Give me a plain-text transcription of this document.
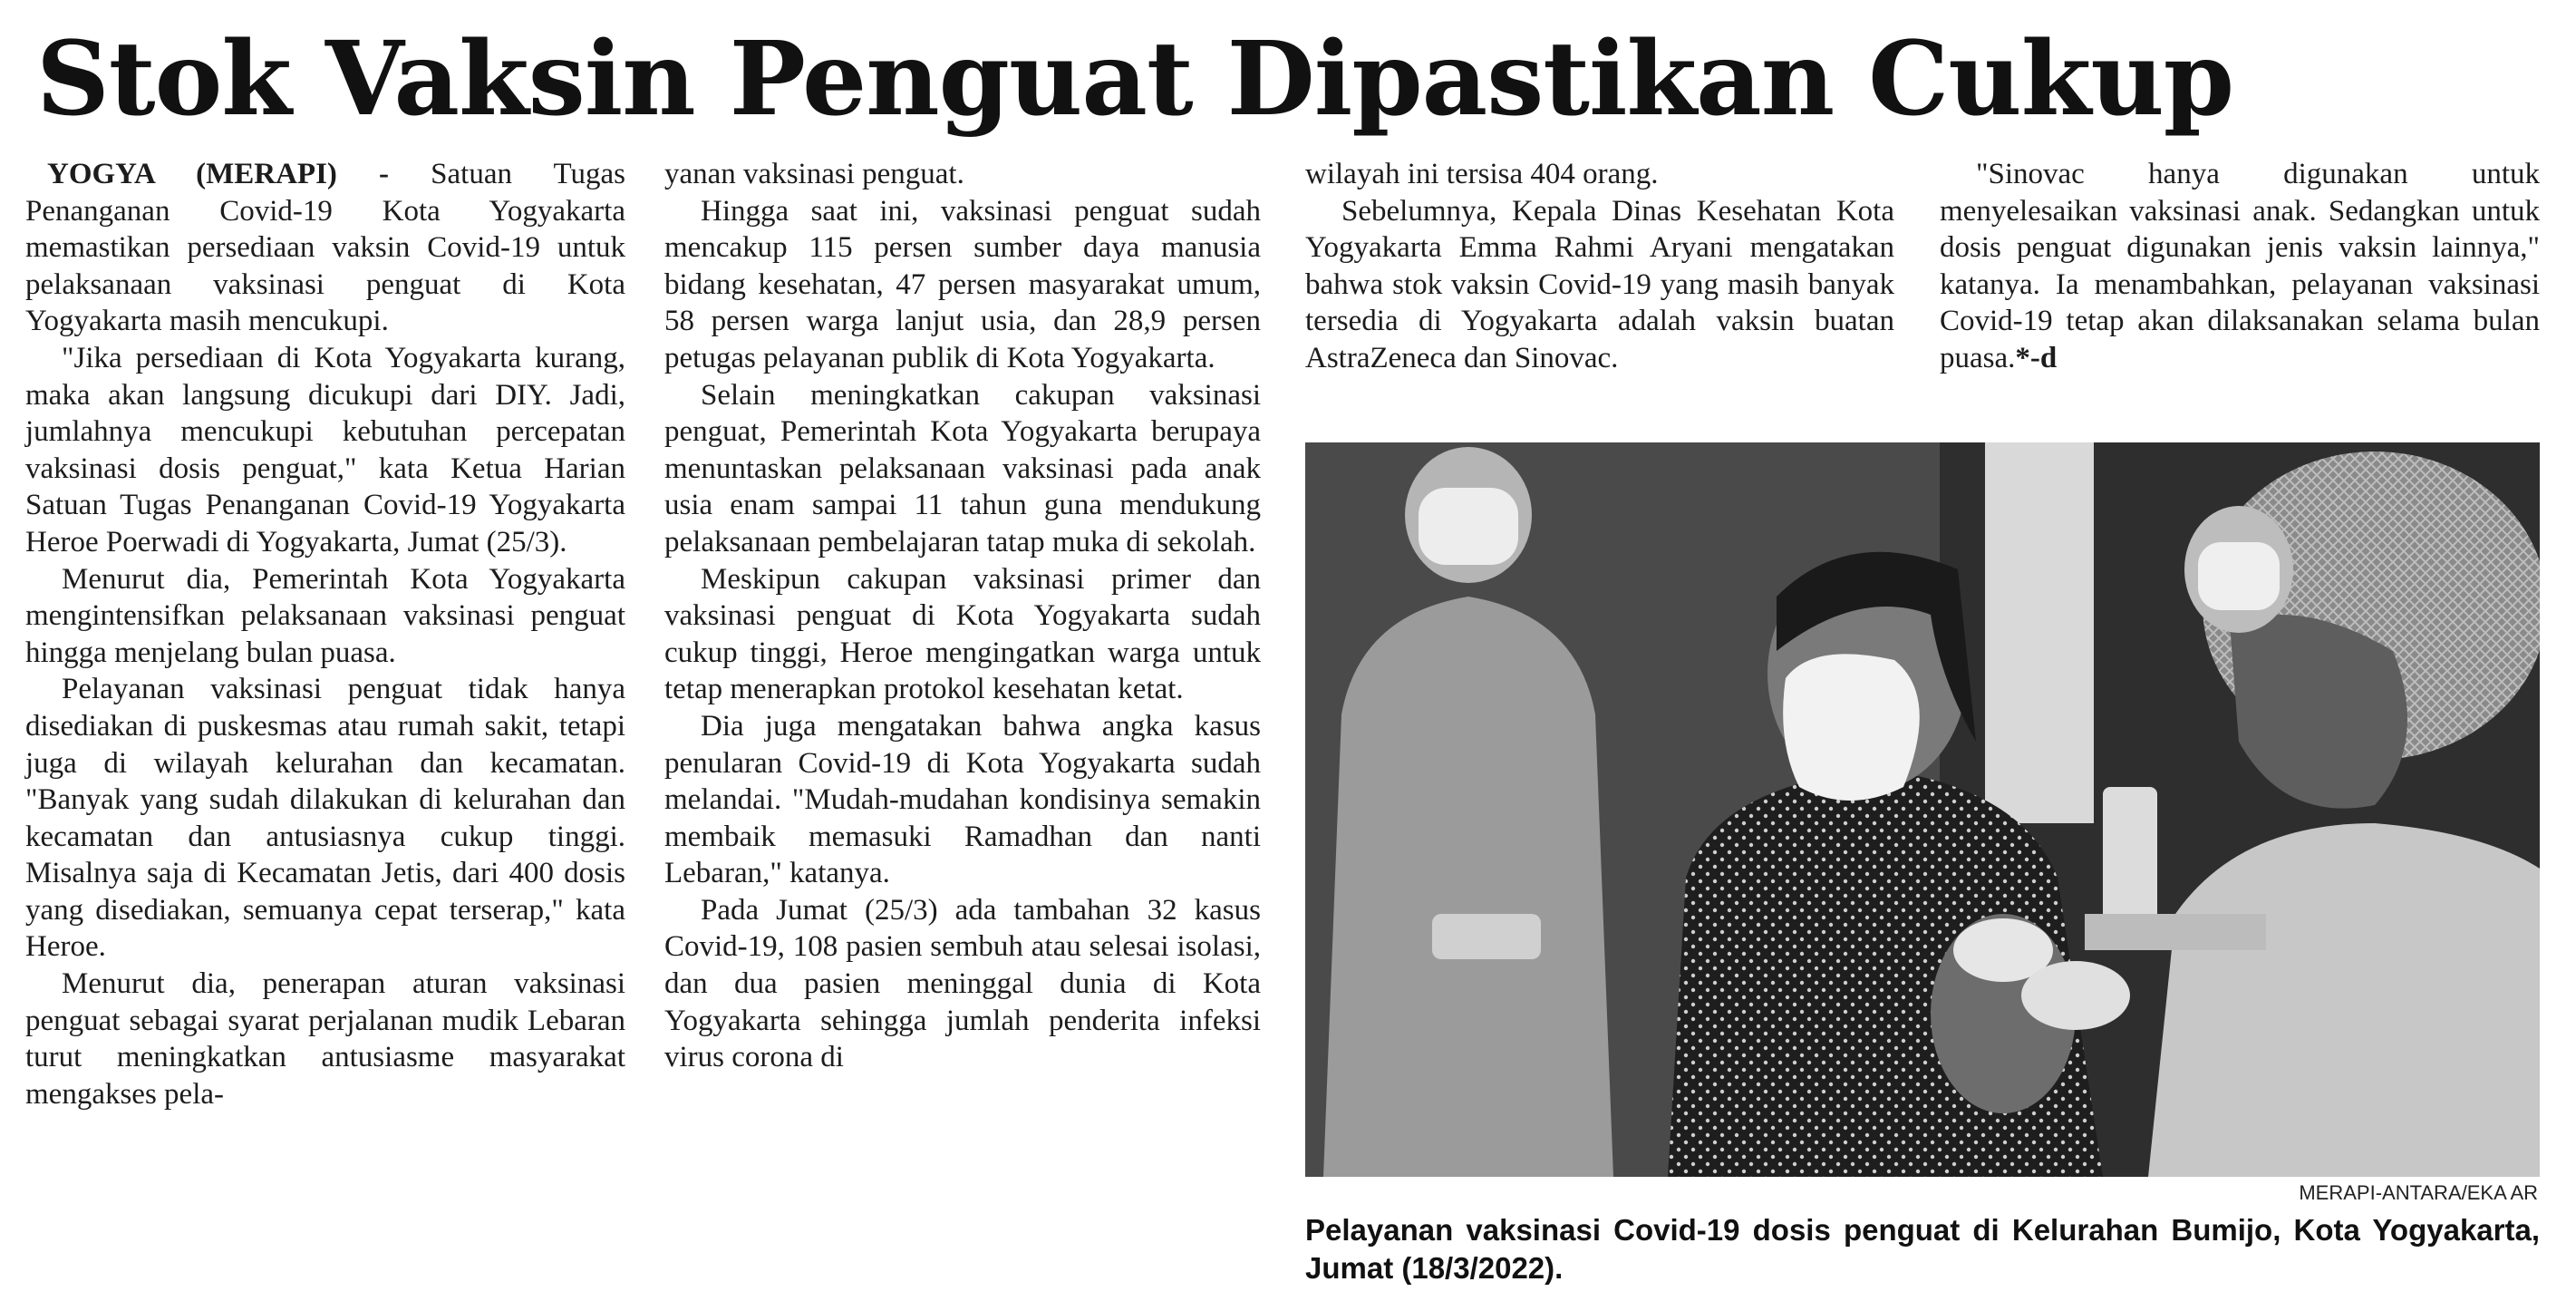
Stok Vaksin Penguat Dipastikan Cukup

YOGYA (MERAPI) - Satuan Tugas Penanganan Covid-19 Kota Yogyakarta memastikan persediaan vaksin Covid-19 untuk pelaksanaan vaksinasi penguat di Kota Yogyakarta masih mencukupi.

"Jika persediaan di Kota Yogyakarta kurang, maka akan langsung dicukupi dari DIY. Jadi, jumlahnya mencukupi kebutuhan percepatan vaksinasi dosis penguat," kata Ketua Harian Satuan Tugas Penanganan Covid-19 Yogyakarta Heroe Poerwadi di Yogyakarta, Jumat (25/3).

Menurut dia, Pemerintah Kota Yogyakarta mengintensifkan pelaksanaan vaksinasi penguat hingga menjelang bulan puasa.

Pelayanan vaksinasi penguat tidak hanya disediakan di puskesmas atau rumah sakit, tetapi juga di wilayah kelurahan dan kecamatan. "Banyak yang sudah dilakukan di kelurahan dan kecamatan dan antusiasnya cukup tinggi. Misalnya saja di Kecamatan Jetis, dari 400 dosis yang disediakan, semuanya cepat terserap," kata Heroe.

Menurut dia, penerapan aturan vaksinasi penguat sebagai syarat perjalanan mudik Lebaran turut meningkatkan antusiasme masyarakat mengakses pela-

yanan vaksinasi penguat.

Hingga saat ini, vaksinasi penguat sudah mencakup 115 persen sumber daya manusia bidang kesehatan, 47 persen masyarakat umum, 58 persen warga lanjut usia, dan 28,9 persen petugas pelayanan publik di Kota Yogyakarta.

Selain meningkatkan cakupan vaksinasi penguat, Pemerintah Kota Yogyakarta berupaya menuntaskan pelaksanaan vaksinasi pada anak usia enam sampai 11 tahun guna mendukung pelaksanaan pembelajaran tatap muka di sekolah.

Meskipun cakupan vaksinasi primer dan vaksinasi penguat di Kota Yogyakarta sudah cukup tinggi, Heroe mengingatkan warga untuk tetap menerapkan protokol kesehatan ketat.

Dia juga mengatakan bahwa angka kasus penularan Covid-19 di Kota Yogyakarta sudah melandai. "Mudah-mudahan kondisinya semakin membaik memasuki Ramadhan dan nanti Lebaran," katanya.

Pada Jumat (25/3) ada tambahan 32 kasus Covid-19, 108 pasien sembuh atau selesai isolasi, dan dua pasien meninggal dunia di Kota Yogyakarta sehingga jumlah penderita infeksi virus corona di

wilayah ini tersisa 404 orang.

Sebelumnya, Kepala Dinas Kesehatan Kota Yogyakarta Emma Rahmi Aryani mengatakan bahwa stok vaksin Covid-19 yang masih banyak tersedia di Yogyakarta adalah vaksin buatan AstraZeneca dan Sinovac.

"Sinovac hanya digunakan untuk menyelesaikan vaksinasi anak. Sedangkan untuk dosis penguat digunakan jenis vaksin lainnya," katanya. Ia menambahkan, pelayanan vaksinasi Covid-19 tetap akan dilaksanakan selama bulan puasa.*-d

MERAPI-ANTARA/EKA AR

Pelayanan vaksinasi Covid-19 dosis penguat di Kelurahan Bumijo, Kota Yogyakarta, Jumat (18/3/2022).
